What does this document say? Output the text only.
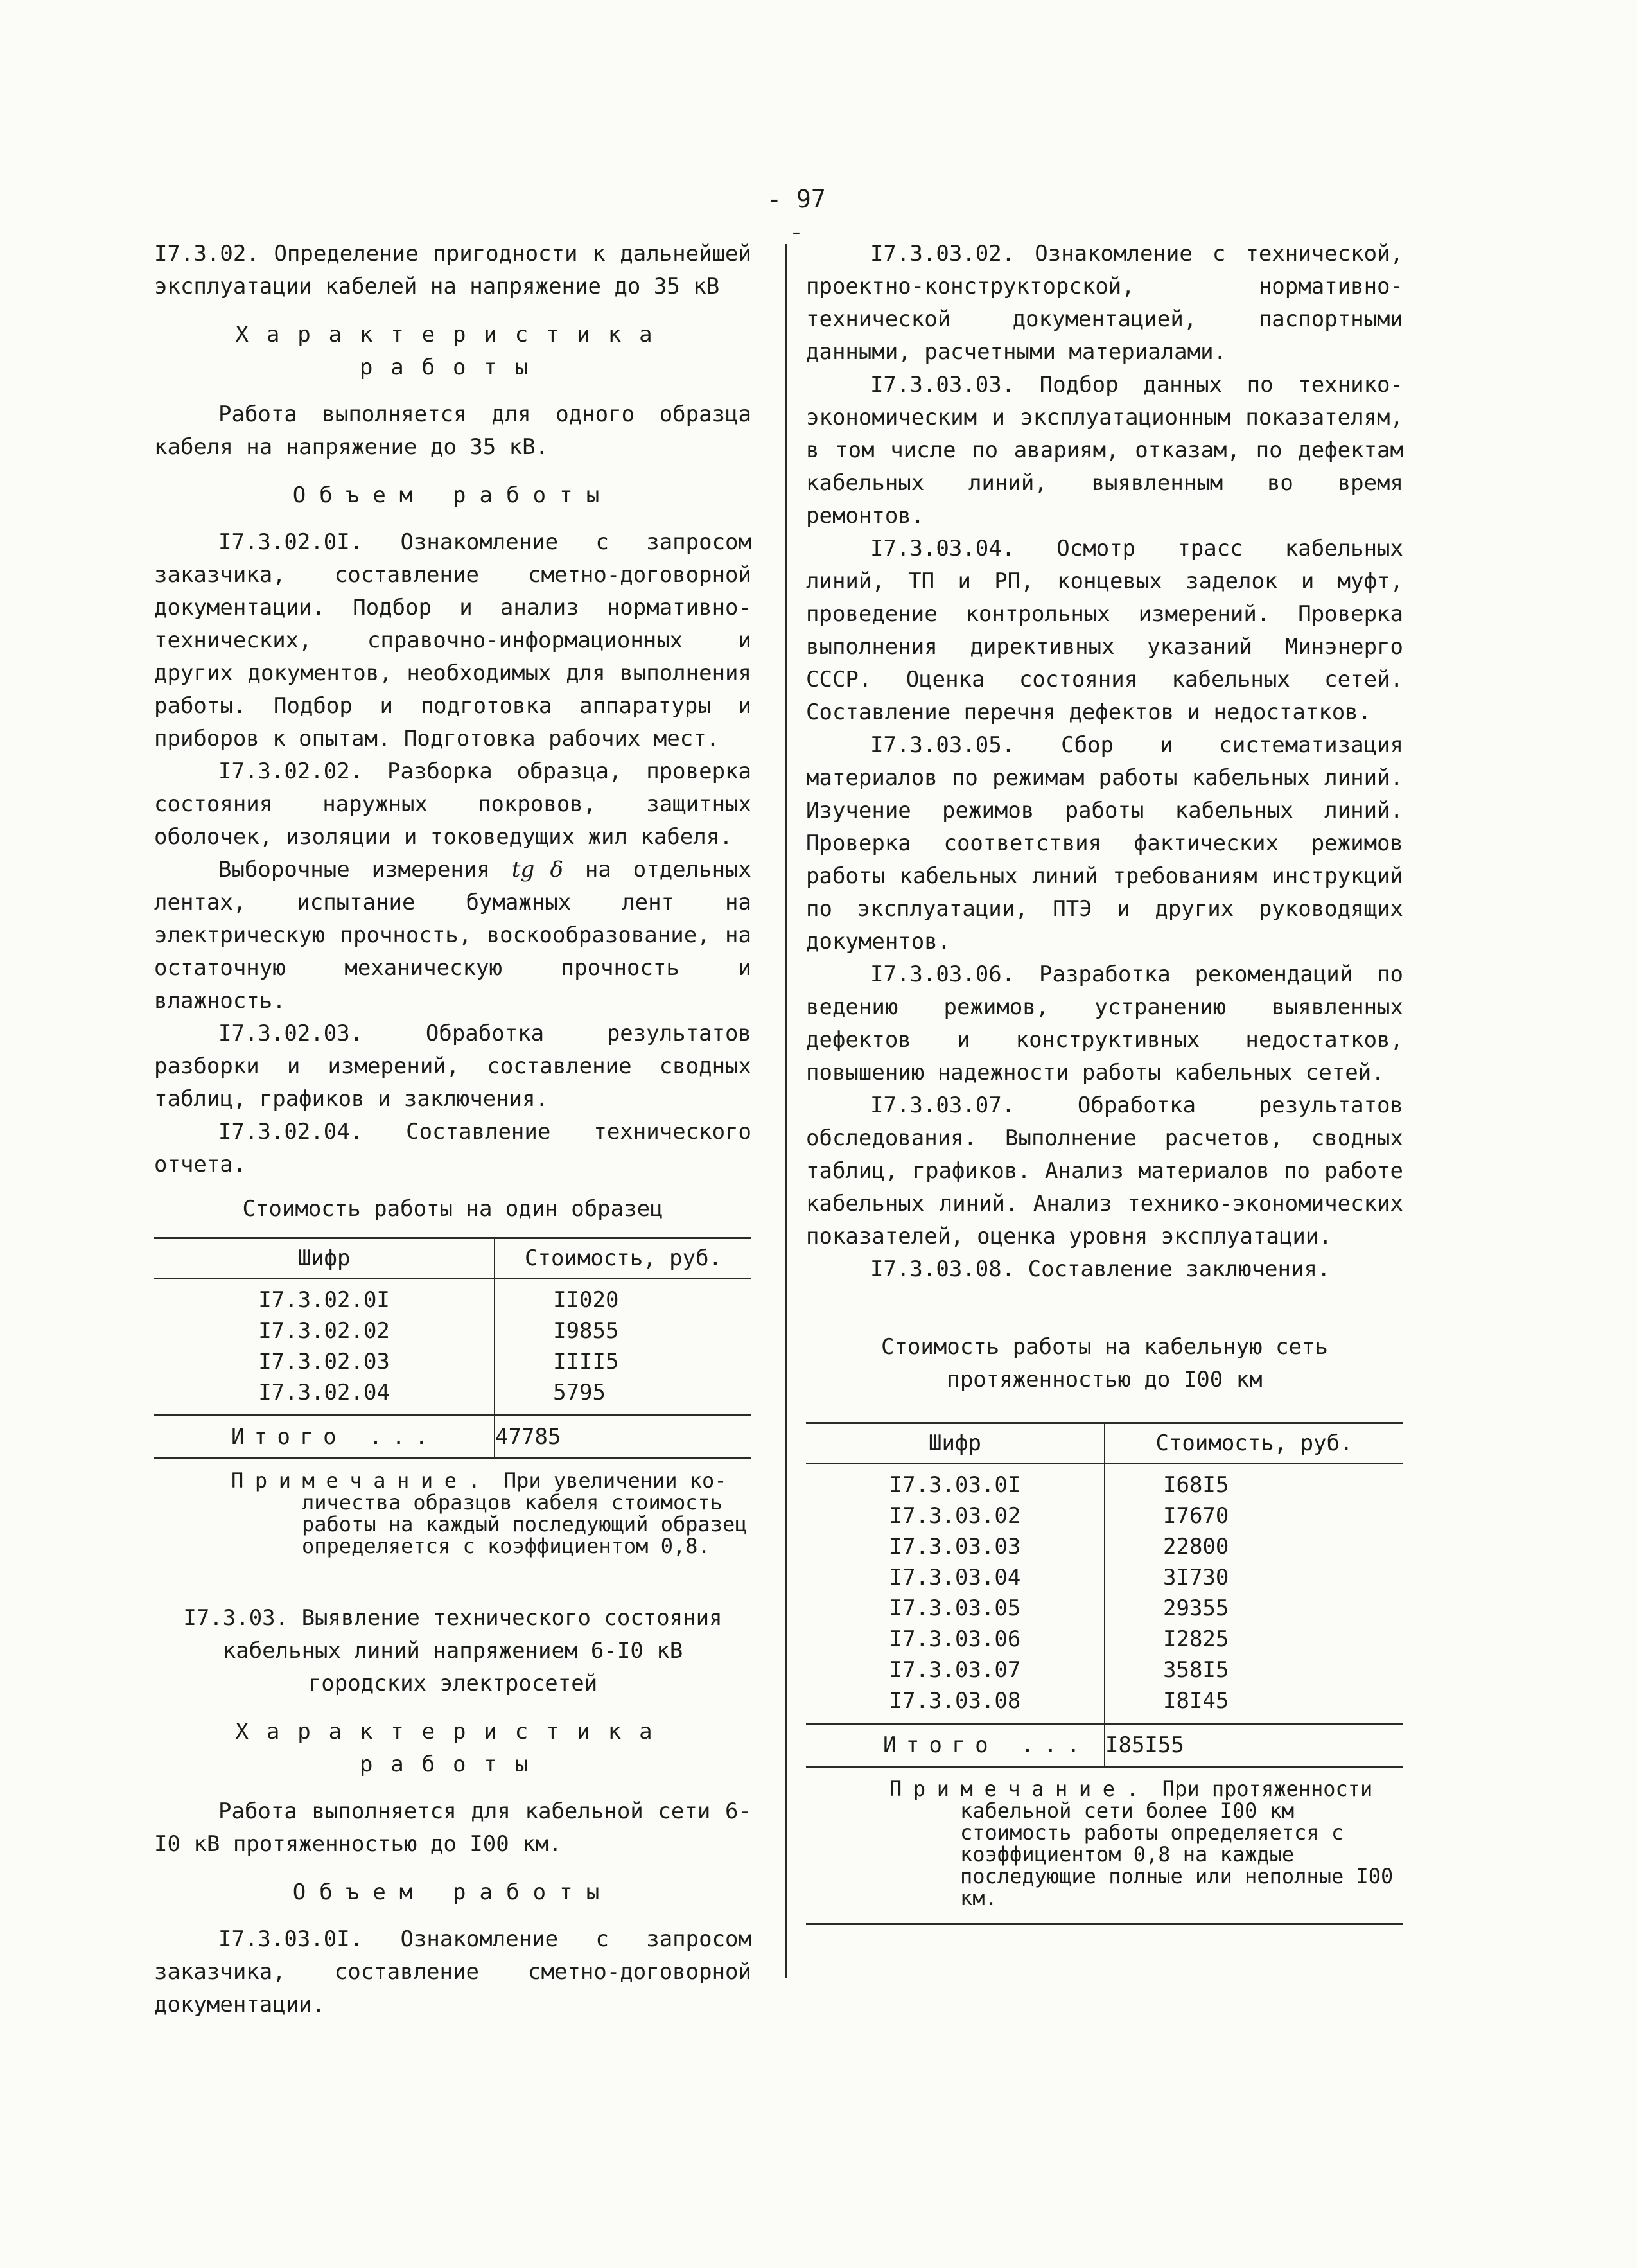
- 97 -

I7.3.02. Определение пригодности к дальнейшей эксплуатации кабелей на напряжение до 35 кВ

Характеристика работы

Работа выполняется для одного образца кабеля на напряжение до 35 кВ.

Объем работы

I7.3.02.0I. Ознакомление с запросом заказчика, составление сметно-договорной документации. Подбор и анализ нормативно-технических, справочно-информационных и других документов, необходимых для выполнения работы. Подбор и подготовка аппаратуры и приборов к опытам. Подготовка рабочих мест.

I7.3.02.02. Разборка образца, проверка состояния наружных покровов, защитных оболочек, изоляции и токоведущих жил кабеля.

Выборочные измерения tg δ на отдельных лентах, испытание бумажных лент на электрическую прочность, воскообразование, на остаточную механическую прочность и влажность.

I7.3.02.03. Обработка результатов разборки и измерений, составление сводных таблиц, графиков и заключения.

I7.3.02.04. Составление технического отчета.

Стоимость работы на один образец

Шифр	Стоимость, руб.
I7.3.02.0I	II020
I7.3.02.02	I9855
I7.3.02.03	IIII5
I7.3.02.04	5795
Итого ...	47785
Примечание. При увеличении ко-
личества образцов кабеля стоимость работы на каждый последующий образец определяется с коэффициентом 0,8.

I7.3.03. Выявление технического состояния

кабельных линий напряжением 6-I0 кВ

городских электросетей

Характеристика работы

Работа выполняется для кабельной сети 6-I0 кВ протяженностью до I00 км.

Объем работы

I7.3.03.0I. Ознакомление с запросом заказчика, составление сметно-договорной документации.

I7.3.03.02. Ознакомление с технической, проектно-конструкторской, нормативно-технической документацией, паспортными данными, расчетными материалами.

I7.3.03.03. Подбор данных по технико-экономическим и эксплуатационным показателям, в том числе по авариям, отказам, по дефектам кабельных линий, выявленным во время ремонтов.

I7.3.03.04. Осмотр трасс кабельных линий, ТП и РП, концевых заделок и муфт, проведение контрольных измерений. Проверка выполнения директивных указаний Минэнерго СССР. Оценка состояния кабельных сетей. Составление перечня дефектов и недостатков.

I7.3.03.05. Сбор и систематизация материалов по режимам работы кабельных линий. Изучение режимов работы кабельных линий. Проверка соответствия фактических режимов работы кабельных линий требованиям инструкций по эксплуатации, ПТЭ и других руководящих документов.

I7.3.03.06. Разработка рекомендаций по ведению режимов, устранению выявленных дефектов и конструктивных недостатков, повышению надежности работы кабельных сетей.

I7.3.03.07. Обработка результатов обследования. Выполнение расчетов, сводных таблиц, графиков. Анализ материалов по работе кабельных линий. Анализ технико-экономических показателей, оценка уровня эксплуатации.

I7.3.03.08. Составление заключения.

Стоимость работы на кабельную сеть

протяженностью до I00 км

Шифр	Стоимость, руб.
I7.3.03.0I	I68I5
I7.3.03.02	I7670
I7.3.03.03	22800
I7.3.03.04	3I730
I7.3.03.05	29355
I7.3.03.06	I2825
I7.3.03.07	358I5
I7.3.03.08	I8I45
Итого ...	I85I55
Примечание. При протяженности
кабельной сети более I00 км стоимость работы определяется с коэффициентом 0,8 на каждые последующие полные или неполные I00 км.
